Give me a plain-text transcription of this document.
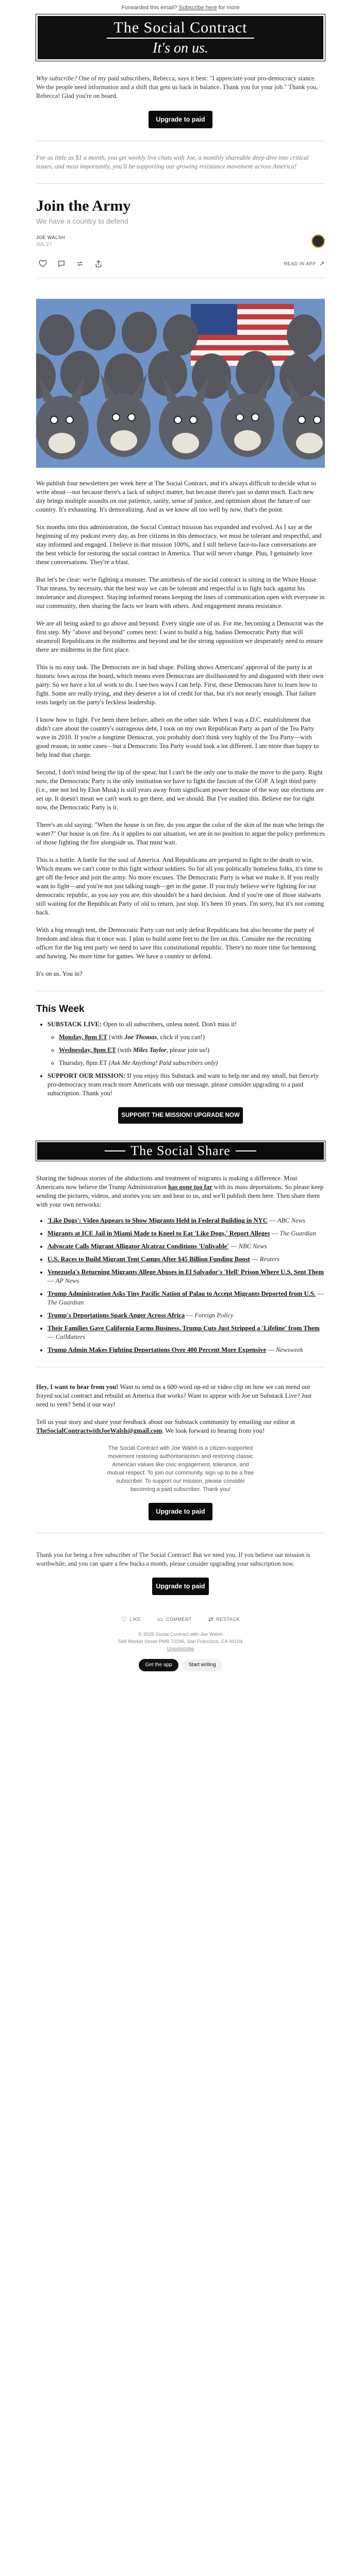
Forwarded this email? Subscribe here for more
The Social Contract
It's on us.
Why subscribe? One of my paid subscribers, Rebecca, says it best: "I appreciate your pro-democracy stance. We the people need information and a shift that gets us back in balance. Thank you for your job." Thank you, Rebecca! Glad you're on board.
Upgrade to paid
For as little as $1 a month, you get weekly live chats with Joe, a monthly shareable deep dive into critical issues, and most importantly, you'll be supporting our growing resistance movement across America!
Join the Army
We have a country to defend
JOE WALSH
JUL 27
READ IN APP ↗

We publish four newsletters per week here at The Social Contract, and it's always difficult to decide what to write about—not because there's a lack of subject matter, but because there's just so damn much. Each new day brings multiple assaults on our patience, sanity, sense of justice, and optimism about the future of our country. It's exhausting. It's demoralizing. And as we know all too well by now, that's the point.

Six months into this administration, the Social Contract mission has expanded and evolved. As I say at the beginning of my podcast every day, as free citizens in this democracy, we must be tolerant and respectful, and stay informed and engaged. I believe in that mission 100%, and I still believe face-to-face conversations are the best vehicle for restoring the social contract in America. That will never change. Plus, I genuinely love these conversations. They're a blast.

But let's be clear: we're fighting a monster. The antithesis of the social contract is sitting in the White House. That means, by necessity, that the best way we can be tolerant and respectful is to fight back against his intolerance and disrespect. Staying informed means keeping the lines of communication open with everyone in our community, then sharing the facts we learn with others. And engagement means resistance.

We are all being asked to go above and beyond. Every single one of us. For me, becoming a Democrat was the first step. My "above and beyond" comes next: I want to build a big, badass Democratic Party that will steamroll Republicans in the midterms and beyond and be the strong opposition we desperately need to ensure there are midterms in the first place.

This is no easy task. The Democrats are in bad shape. Polling shows Americans' approval of the party is at historic lows across the board, which means even Democrats are disillusioned by and disgusted with their own party. So we have a lot of work to do. I see two ways I can help. First, these Democrats have to learn how to fight. Some are really trying, and they deserve a lot of credit for that, but it's not nearly enough. That failure rests largely on the party's feckless leadership.

I know how to fight. I've been there before, albeit on the other side. When I was a D.C. establishment that didn't care about the country's outrageous debt, I took on my own Republican Party as part of the Tea Party wave in 2010. If you're a longtime Democrat, you probably don't think very highly of the Tea Party—with good reason, in some cases—but a Democratic Tea Party would look a lot different. I am more than happy to help lead that charge.

Second, I don't mind being the tip of the spear, but I can't be the only one to make the move to the party. Right now, the Democratic Party is the only institution we have to fight the fascism of the GOP. A legit third party (i.e., one not led by Elon Musk) is still years away from significant power because of the way our elections are set up. It doesn't mean we can't work to get there, and we should. But I've studied this. Believe me for right now, the Democratic Party is it.

There's an old saying: "When the house is on fire, do you argue the color of the skin of the man who brings the water?" Our house is on fire. As it applies to our situation, we are in no position to argue the policy preferences of those fighting the fire alongside us. That must wait.

This is a battle. A battle for the soul of America. And Republicans are prepared to fight to the death to win. Which means we can't come to this fight without soldiers. So for all you politically homeless folks, it's time to get off the fence and join the army. No more excuses. The Democratic Party is what we make it. If you really want to fight—and you're not just talking tough—get in the game. If you truly believe we're fighting for our democratic republic, as you say you are, this shouldn't be a hard decision. And if you're one of those stalwarts still waiting for the Republican Party of old to return, just stop. It's been 10 years. I'm sorry, but it's not coming back.

With a big enough tent, the Democratic Party can not only defeat Republicans but also become the party of freedom and ideas that it once was. I plan to build some feet to the fire on this. Consider me the recruiting officer for the big tent party we need to save this constitutional republic. There's no more time for hemming and hawing. No more time for games. We have a country to defend.

It's on us. You in?

This Week
• SUBSTACK LIVE: Open to all subscribers, unless noted. Don't miss it!
◦ Monday, 8pm ET (with Joe Thomas, click if you can!)
◦ Wednesday, 8pm ET (with Miles Taylor, please join us!)
◦ Thursday, 8pm ET (Ask Me Anything! Paid subscribers only)
• SUPPORT OUR MISSION: If you enjoy this Substack and want to help me and my small, but fiercely pro-democracy team reach more Americans with our message, please consider upgrading to a paid subscription. Thank you!
SUPPORT THE MISSION! UPGRADE NOW
The Social Share
Sharing the hideous stories of the abductions and treatment of migrants is making a difference. Most Americans now believe the Trump Administration has gone too far with its mass deportations. So please keep sending the pictures, videos, and stories you see and hear to us, and we'll publish them here. Then share them with your own networks:
• 'Like Dogs': Video Appears to Show Migrants Held in Federal Building in NYC — ABC News
• Migrants at ICE Jail in Miami Made to Kneel to Eat 'Like Dogs,' Report Alleges — The Guardian
• Advocate Calls Migrant Alligator Alcatraz Conditions 'Unlivable' — NBC News
• U.S. Races to Build Migrant Tent Camps After $45 Billion Funding Boost — Reuters
• Venezuela's Returning Migrants Allege Abuses in El Salvador's 'Hell' Prison Where U.S. Sent Them — AP News
• Trump Administration Asks Tiny Pacific Nation of Palau to Accept Migrants Deported from U.S. — The Guardian
• Trump's Deportations Spark Anger Across Africa — Foreign Policy
• Their Families Gave California Farms Business. Trump Cuts Just Stripped a 'Lifeline' from Them — CalMatters
• Trump Admin Makes Fighting Deportations Over 400 Percent More Expensive — Newsweek

Hey, I want to hear from you! Want to send us a 600-word op-ed or video clip on how we can mend our frayed social contract and rebuild an America that works? Want to appear with Joe on Substack Live? Just need to vent? Send it our way!

Tell us your story and share your feedback about our Substack community by emailing our editor at TheSocialContractwithJoeWalsh@gmail.com. We look forward to hearing from you!

The Social Contract with Joe Walsh is a citizen-supported movement restoring authoritarianism and restoring classic American values like civic engagement, tolerance, and mutual respect. To join our community, sign up to be a free subscriber. To support our mission, please consider becoming a paid subscriber. Thank you!
Upgrade to paid
Thank you for being a free subscriber of The Social Contract! But we need you. If you believe our mission is worthwhile, and you can spare a few bucks a month, please consider upgrading your subscription now.
Upgrade to paid
♡ LIKE	▭ COMMENT	⇄ RESTACK
© 2025 Social Contract with Joe Walsh
548 Market Street PMB 72296, San Francisco, CA 94104
Unsubscribe
Get the app	Start writing
